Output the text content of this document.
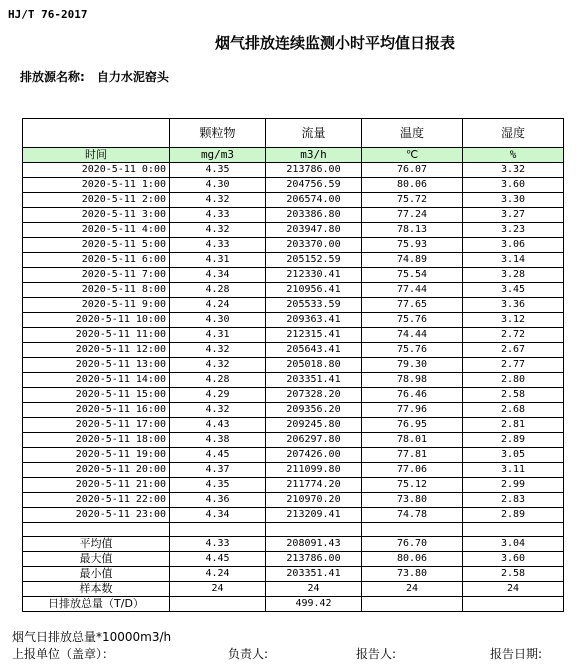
HJ/T 76-2017
烟气排放连续监测小时平均值日报表
排放源名称: 自力水泥窑头
	颗粒物	流量	温度	湿度
时间	mg/m3	m3/h	℃	%
2020-5-11 0:00	4.35	213786.00	76.07	3.32
2020-5-11 1:00	4.30	204756.59	80.06	3.60
2020-5-11 2:00	4.32	206574.00	75.72	3.30
2020-5-11 3:00	4.33	203386.80	77.24	3.27
2020-5-11 4:00	4.32	203947.80	78.13	3.23
2020-5-11 5:00	4.33	203370.00	75.93	3.06
2020-5-11 6:00	4.31	205152.59	74.89	3.14
2020-5-11 7:00	4.34	212330.41	75.54	3.28
2020-5-11 8:00	4.28	210956.41	77.44	3.45
2020-5-11 9:00	4.24	205533.59	77.65	3.36
2020-5-11 10:00	4.30	209363.41	75.76	3.12
2020-5-11 11:00	4.31	212315.41	74.44	2.72
2020-5-11 12:00	4.32	205643.41	75.76	2.67
2020-5-11 13:00	4.32	205018.80	79.30	2.77
2020-5-11 14:00	4.28	203351.41	78.98	2.80
2020-5-11 15:00	4.29	207328.20	76.46	2.58
2020-5-11 16:00	4.32	209356.20	77.96	2.68
2020-5-11 17:00	4.43	209245.80	76.95	2.81
2020-5-11 18:00	4.38	206297.80	78.01	2.89
2020-5-11 19:00	4.45	207426.00	77.81	3.05
2020-5-11 20:00	4.37	211099.80	77.06	3.11
2020-5-11 21:00	4.35	211774.20	75.12	2.99
2020-5-11 22:00	4.36	210970.20	73.80	2.83
2020-5-11 23:00	4.34	213209.41	74.78	2.89

平均值	4.33	208091.43	76.70	3.04
最大值	4.45	213786.00	80.06	3.60
最小值	4.24	203351.41	73.80	2.58
样本数	24	24	24	24
日排放总量（T/D）		499.42		
烟气日排放总量*10000m3/h
上报单位（盖章）：	负责人:	报告人:	报告日期:
